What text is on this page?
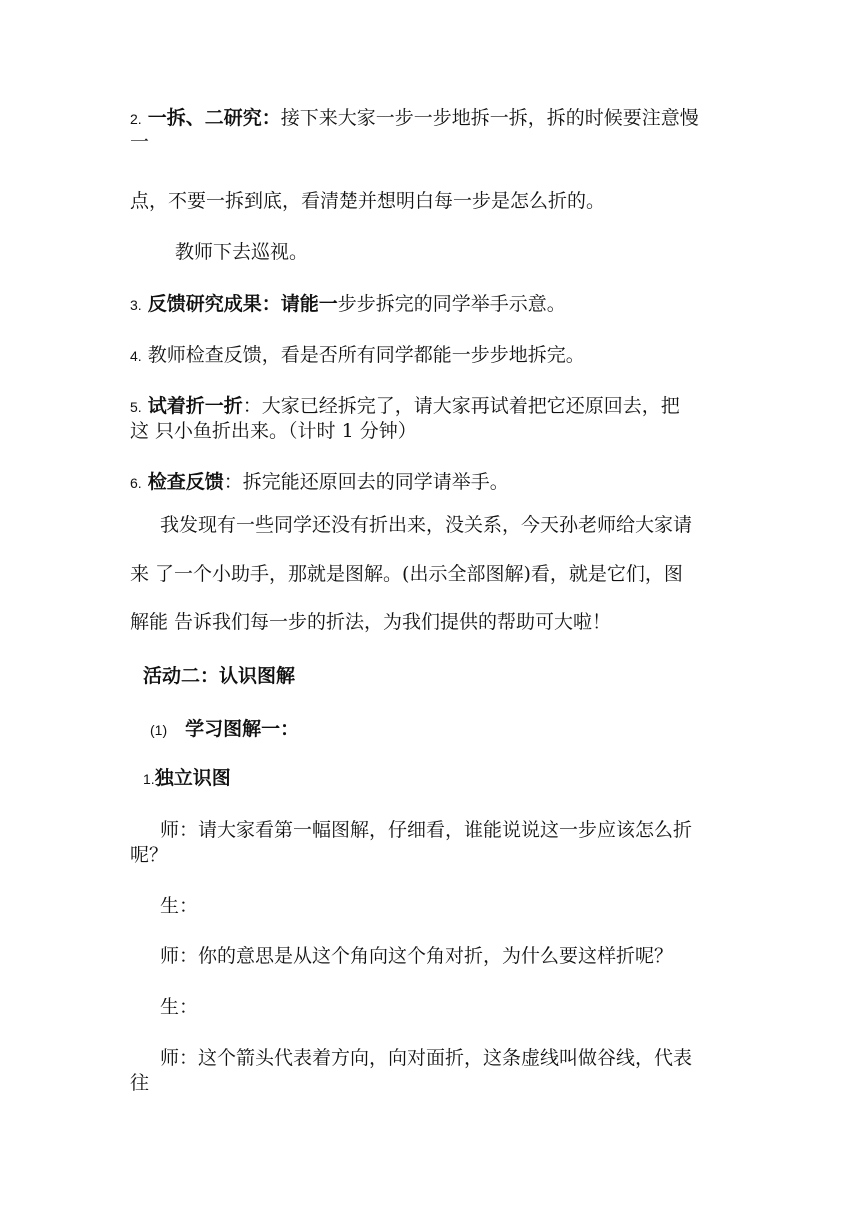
2. 一拆、二研究：接下来大家一步一步地拆一拆，拆的时候要注意慢
一
点，不要一拆到底，看清楚并想明白每一步是怎么折的。
教师下去巡视。
3. 反馈研究成果：请能一步步拆完的同学举手示意。
4. 教师检查反馈，看是否所有同学都能一步步地拆完。
5. 试着折一折：大家已经拆完了，请大家再试着把它还原回去，把
这 只小鱼折出来。（计时 1 分钟）
6. 检查反馈：拆完能还原回去的同学请举手。
我发现有一些同学还没有折出来，没关系，今天孙老师给大家请
来 了一个小助手，那就是图解。(出示全部图解)看，就是它们，图
解能 告诉我们每一步的折法，为我们提供的帮助可大啦！
活动二：认识图解
(1) 学习图解一：
1.独立识图
师：请大家看第一幅图解，仔细看，谁能说说这一步应该怎么折
呢？
生：
师：你的意思是从这个角向这个角对折，为什么要这样折呢？
生：
师：这个箭头代表着方向，向对面折，这条虚线叫做谷线，代表
往
